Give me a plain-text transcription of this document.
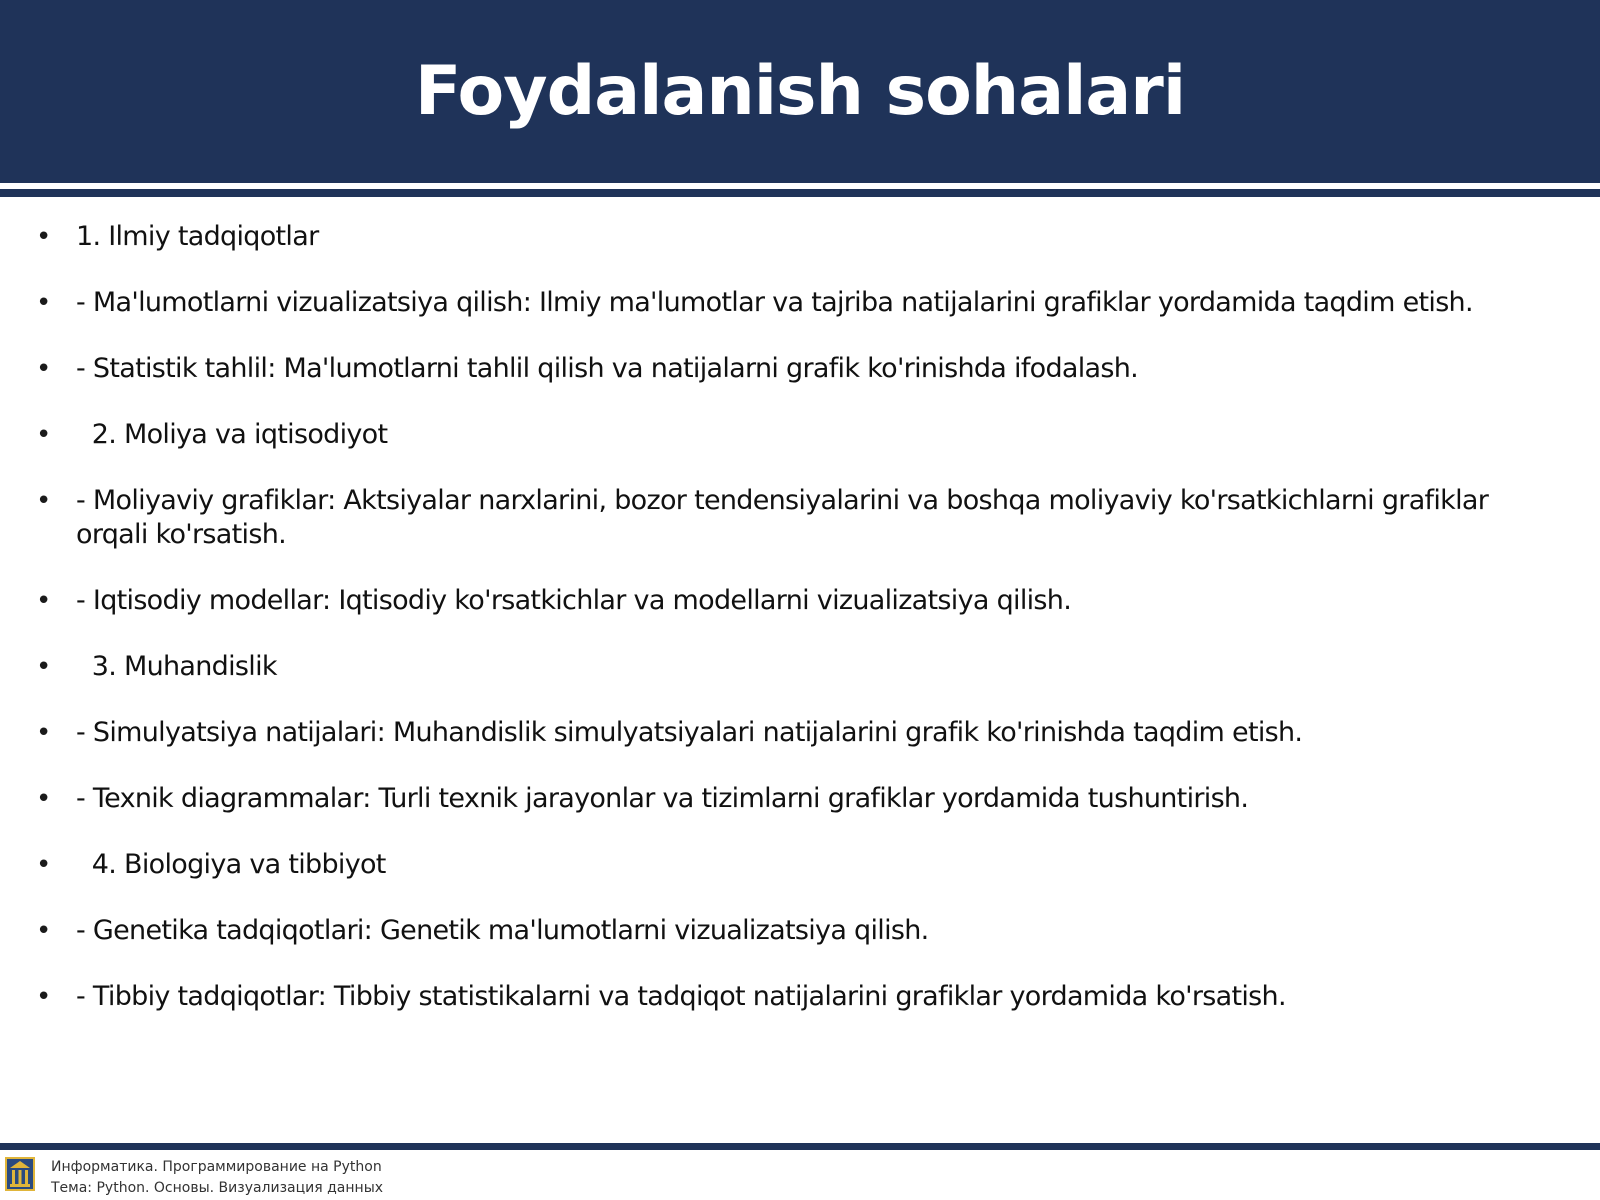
Foydalanish sohalari
• 1. Ilmiy tadqiqotlar
• - Ma'lumotlarni vizualizatsiya qilish: Ilmiy ma'lumotlar va tajriba natijalarini grafiklar yordamida taqdim etish.
• - Statistik tahlil: Ma'lumotlarni tahlil qilish va natijalarni grafik ko'rinishda ifodalash.
• 2. Moliya va iqtisodiyot
• - Moliyaviy grafiklar: Aktsiyalar narxlarini, bozor tendensiyalarini va boshqa moliyaviy ko'rsatkichlarni grafiklar orqali ko'rsatish.
• - Iqtisodiy modellar: Iqtisodiy ko'rsatkichlar va modellarni vizualizatsiya qilish.
• 3. Muhandislik
• - Simulyatsiya natijalari: Muhandislik simulyatsiyalari natijalarini grafik ko'rinishda taqdim etish.
• - Texnik diagrammalar: Turli texnik jarayonlar va tizimlarni grafiklar yordamida tushuntirish.
• 4. Biologiya va tibbiyot
• - Genetika tadqiqotlari: Genetik ma'lumotlarni vizualizatsiya qilish.
• - Tibbiy tadqiqotlar: Tibbiy statistikalarni va tadqiqot natijalarini grafiklar yordamida ko'rsatish.
Информатика. Программирование на Python
Тема: Python. Основы. Визуализация данных
